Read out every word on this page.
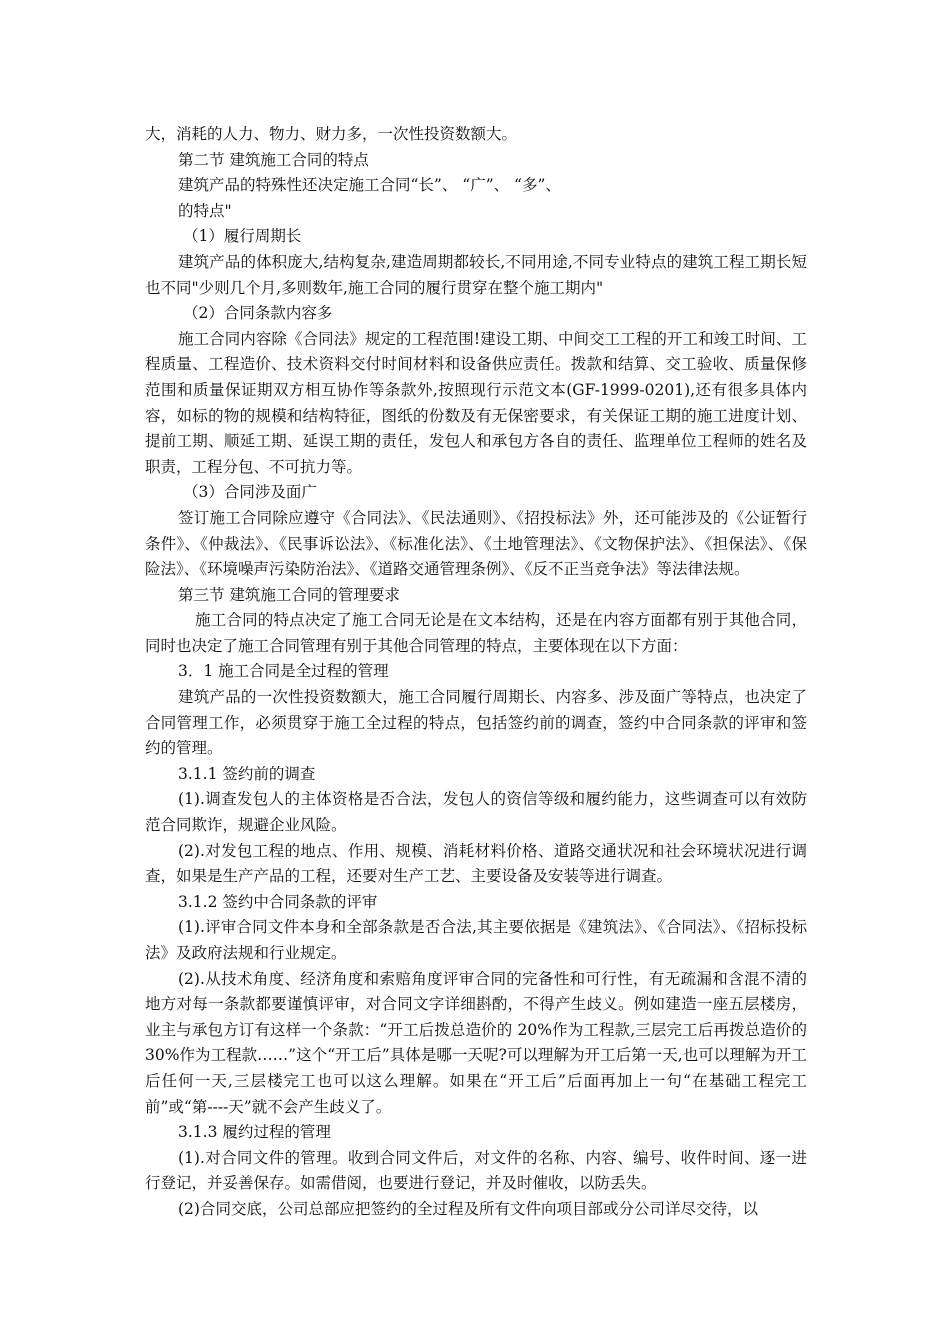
大，消耗的人力、物力、财力多，一次性投资数额大。

第二节 建筑施工合同的特点

建筑产品的特殊性还决定施工合同“长”、 “广”、 “多”、

的特点"

（1）履行周期长

建筑产品的体积庞大,结构复杂,建造周期都较长,不同用途,不同专业特点的建筑工程工期长短也不同"少则几个月,多则数年,施工合同的履行贯穿在整个施工期内"

（2）合同条款内容多

施工合同内容除《合同法》规定的工程范围!建设工期、中间交工工程的开工和竣工时间、工程质量、工程造价、技术资料交付时间材料和设备供应责任。拨款和结算、交工验收、质量保修范围和质量保证期双方相互协作等条款外,按照现行示范文本(GF-1999-0201),还有很多具体内容，如标的物的规模和结构特征，图纸的份数及有无保密要求，有关保证工期的施工进度计划、提前工期、顺延工期、延误工期的责任，发包人和承包方各自的责任、监理单位工程师的姓名及职责，工程分包、不可抗力等。

（3）合同涉及面广

签订施工合同除应遵守《合同法》、《民法通则》、《招投标法》外，还可能涉及的《公证暂行条件》、《仲裁法》、《民事诉讼法》、《标准化法》、《土地管理法》、《文物保护法》、《担保法》、《保险法》、《环境噪声污染防治法》、《道路交通管理条例》、《反不正当竞争法》等法律法规。

第三节 建筑施工合同的管理要求

施工合同的特点决定了施工合同无论是在文本结构，还是在内容方面都有别于其他合同，同时也决定了施工合同管理有别于其他合同管理的特点，主要体现在以下方面：

3．1 施工合同是全过程的管理

建筑产品的一次性投资数额大，施工合同履行周期长、内容多、涉及面广等特点，也决定了合同管理工作，必须贯穿于施工全过程的特点，包括签约前的调查，签约中合同条款的评审和签约的管理。

3.1.1 签约前的调查

(1).调查发包人的主体资格是否合法，发包人的资信等级和履约能力，这些调查可以有效防范合同欺诈，规避企业风险。

(2).对发包工程的地点、作用、规模、消耗材料价格、道路交通状况和社会环境状况进行调查，如果是生产产品的工程，还要对生产工艺、主要设备及安装等进行调查。

3.1.2 签约中合同条款的评审

(1).评审合同文件本身和全部条款是否合法,其主要依据是《建筑法》、《合同法》、《招标投标法》及政府法规和行业规定。

(2).从技术角度、经济角度和索赔角度评审合同的完备性和可行性，有无疏漏和含混不清的地方对每一条款都要谨慎评审，对合同文字详细斟酌，不得产生歧义。例如建造一座五层楼房，业主与承包方订有这样一个条款：“开工后拨总造价的 20%作为工程款,三层完工后再拨总造价的 30%作为工程款……”这个“开工后”具体是哪一天呢?可以理解为开工后第一天,也可以理解为开工后任何一天,三层楼完工也可以这么理解。如果在“开工后”后面再加上一句“在基础工程完工前”或“第----天”就不会产生歧义了。

3.1.3 履约过程的管理

(1).对合同文件的管理。收到合同文件后，对文件的名称、内容、编号、收件时间、逐一进行登记，并妥善保存。如需借阅，也要进行登记，并及时催收，以防丢失。

(2)合同交底，公司总部应把签约的全过程及所有文件向项目部或分公司详尽交待，以
